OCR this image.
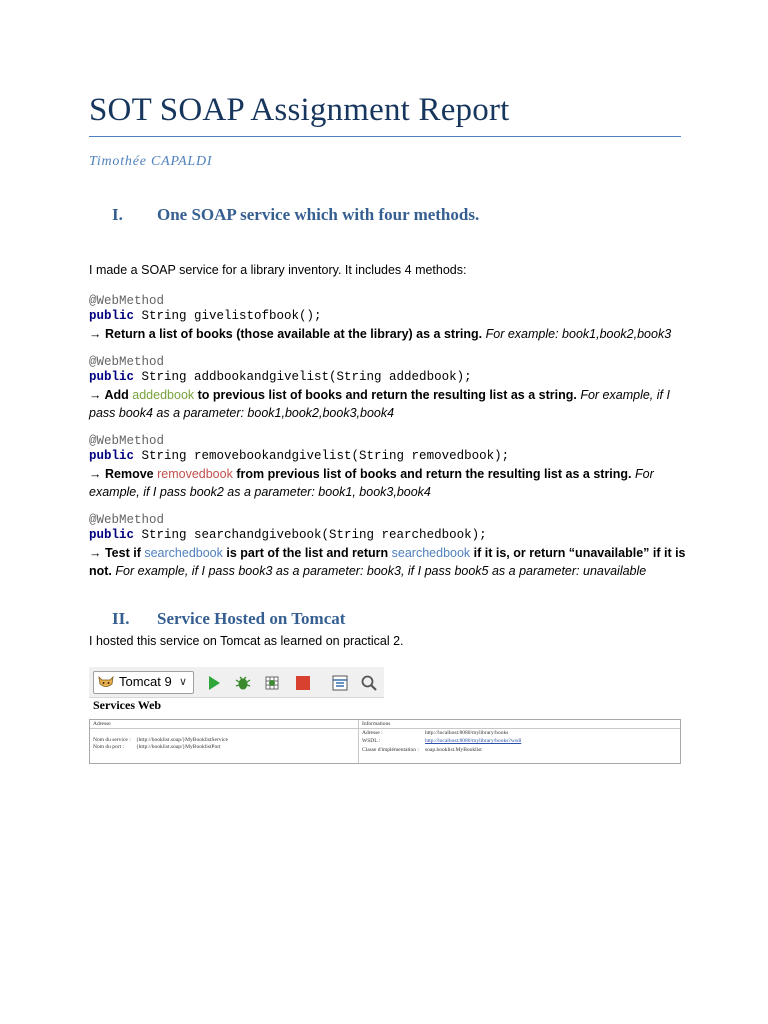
SOT SOAP Assignment Report
Timothée CAPALDI
I. One SOAP service which with four methods.
I made a SOAP service for a library inventory. It includes 4 methods:
@WebMethod
public String givelistofbook();
→ Return a list of books (those available at the library) as a string. For example: book1,book2,book3
@WebMethod
public String addbookandgivelist(String addedbook);
→ Add addedbook to previous list of books and return the resulting list as a string. For example, if I pass book4 as a parameter: book1,book2,book3,book4
@WebMethod
public String removebookandgivelist(String removedbook);
→ Remove removedbook from previous list of books and return the resulting list as a string. For example, if I pass book2 as a parameter: book1, book3,book4
@WebMethod
public String searchandgivebook(String rearchedbook);
→ Test if searchedbook is part of the list and return searchedbook if it is, or return “unavailable” if it is not. For example, if I pass book3 as a parameter: book3, if I pass book5 as a parameter: unavailable
II. Service Hosted on Tomcat
I hosted this service on Tomcat as learned on practical 2.
Tomcat 9 ∨
Services Web
Adresse	Informations
Nom du service : {http://booklist.soap/}MyBooklistService
Nom du port : {http://booklist.soap/}MyBooklistPort
Adresse :	http://localhost:8080/mylibrary/books
WSDL :	http://localhost:8080/mylibrary/books?wsdl
Classe d'implémentation : soap.booklist.MyBooklist
